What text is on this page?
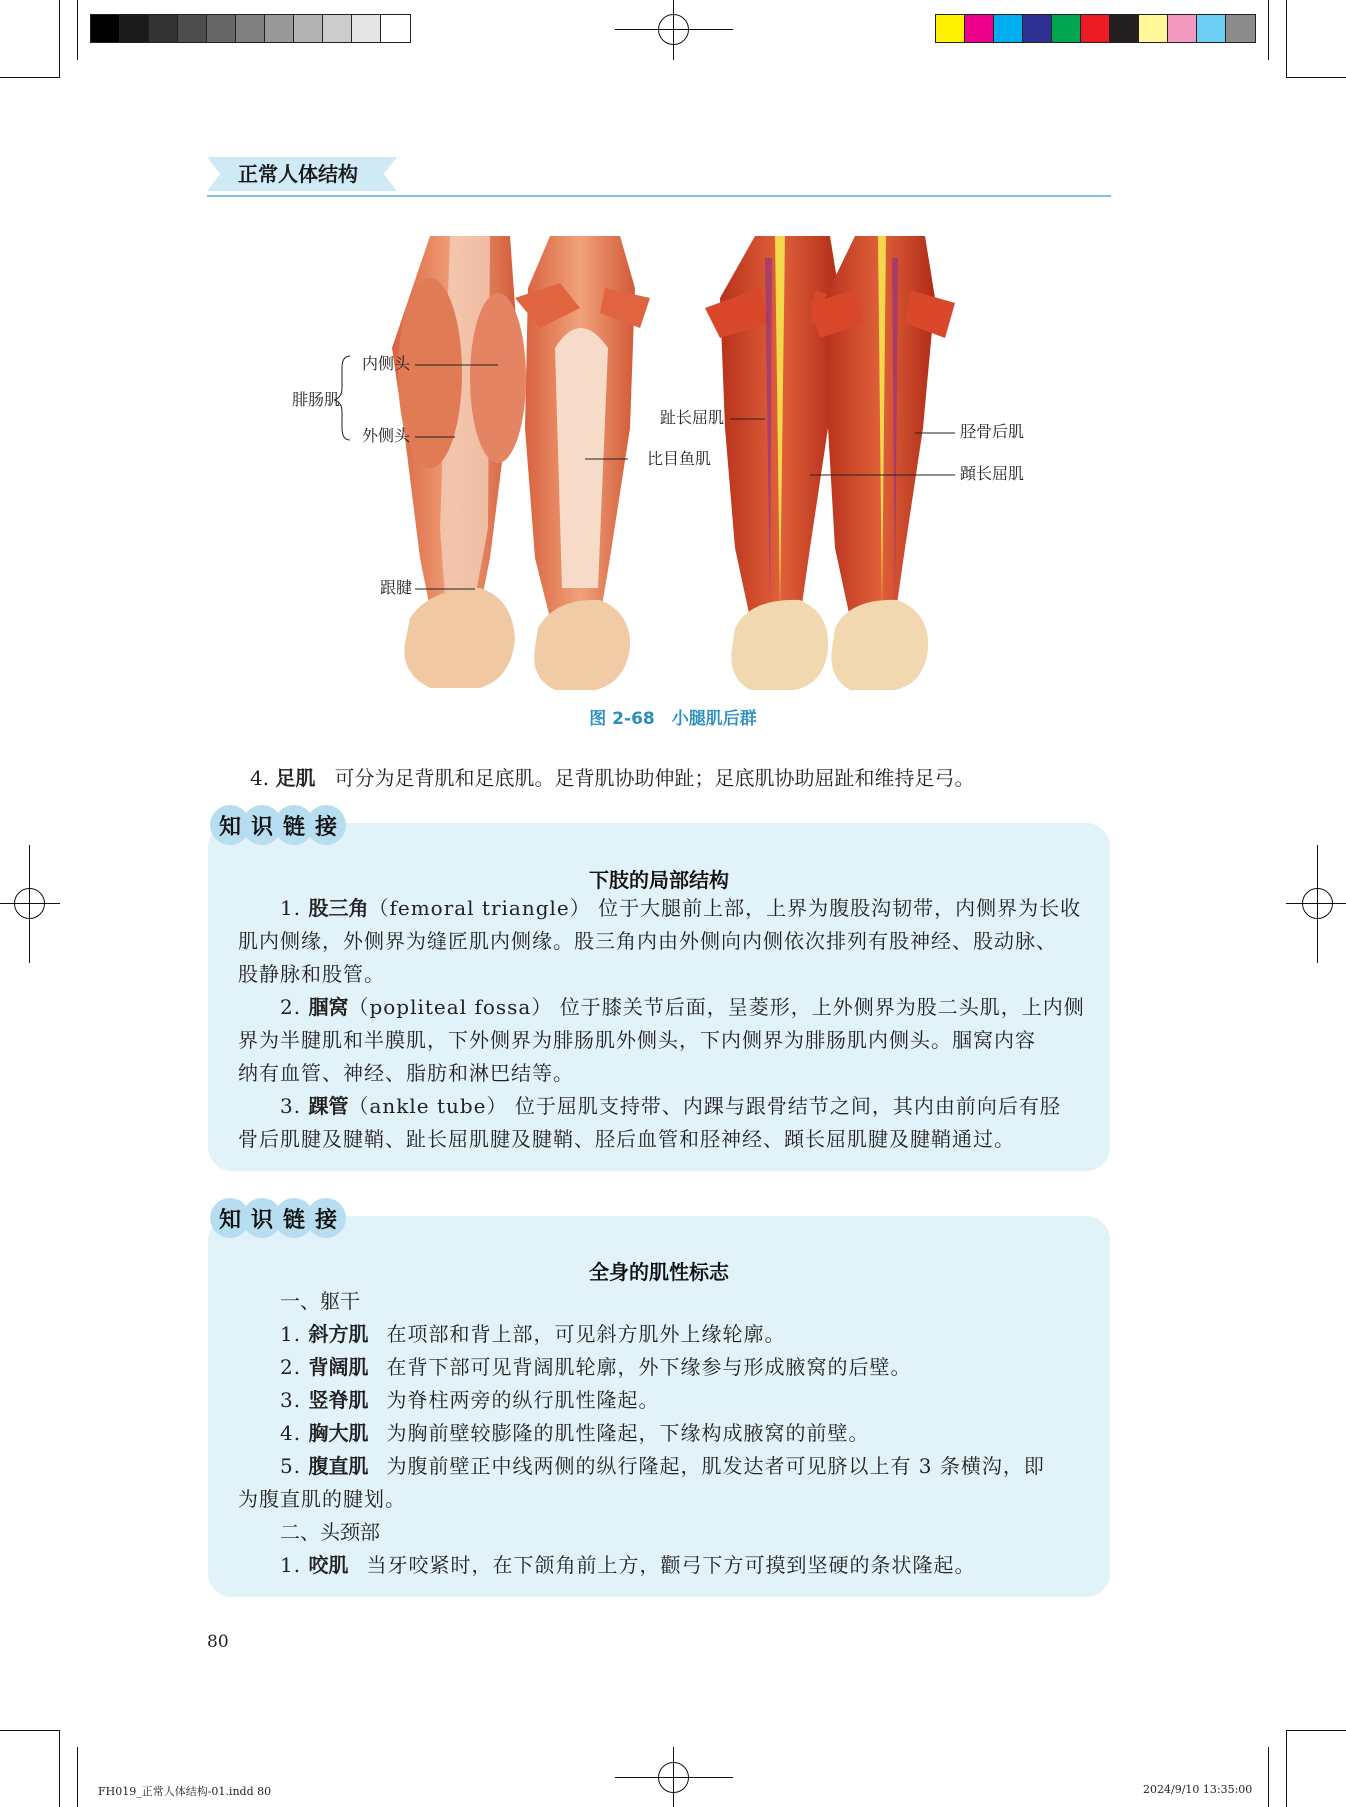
正常人体结构
腓肠肌
内侧头
外侧头
跟腱
比目鱼肌
趾长屈肌
胫骨后肌
蹞长屈肌
图 2-68　小腿肌后群
4. 足肌 可分为足背肌和足底肌。足背肌协助伸趾；足底肌协助屈趾和维持足弓。
知 识 链 接
下肢的局部结构
1. 股三角（femoral triangle） 位于大腿前上部，上界为腹股沟韧带，内侧界为长收
肌内侧缘，外侧界为缝匠肌内侧缘。股三角内由外侧向内侧依次排列有股神经、股动脉、
股静脉和股管。
2. 腘窝（popliteal fossa） 位于膝关节后面，呈菱形，上外侧界为股二头肌，上内侧
界为半腱肌和半膜肌，下外侧界为腓肠肌外侧头，下内侧界为腓肠肌内侧头。腘窝内容
纳有血管、神经、脂肪和淋巴结等。
3. 踝管（ankle tube） 位于屈肌支持带、内踝与跟骨结节之间，其内由前向后有胫
骨后肌腱及腱鞘、趾长屈肌腱及腱鞘、胫后血管和胫神经、蹞长屈肌腱及腱鞘通过。
知 识 链 接
全身的肌性标志
一、躯干
1. 斜方肌 在项部和背上部，可见斜方肌外上缘轮廓。
2. 背阔肌 在背下部可见背阔肌轮廓，外下缘参与形成腋窝的后壁。
3. 竖脊肌 为脊柱两旁的纵行肌性隆起。
4. 胸大肌 为胸前壁较膨隆的肌性隆起，下缘构成腋窝的前壁。
5. 腹直肌 为腹前壁正中线两侧的纵行隆起，肌发达者可见脐以上有 3 条横沟，即
为腹直肌的腱划。
二、头颈部
1. 咬肌 当牙咬紧时，在下颌角前上方，颧弓下方可摸到坚硬的条状隆起。
80
FH019_正常人体结构-01.indd 80	2024/9/10 13:35:00
